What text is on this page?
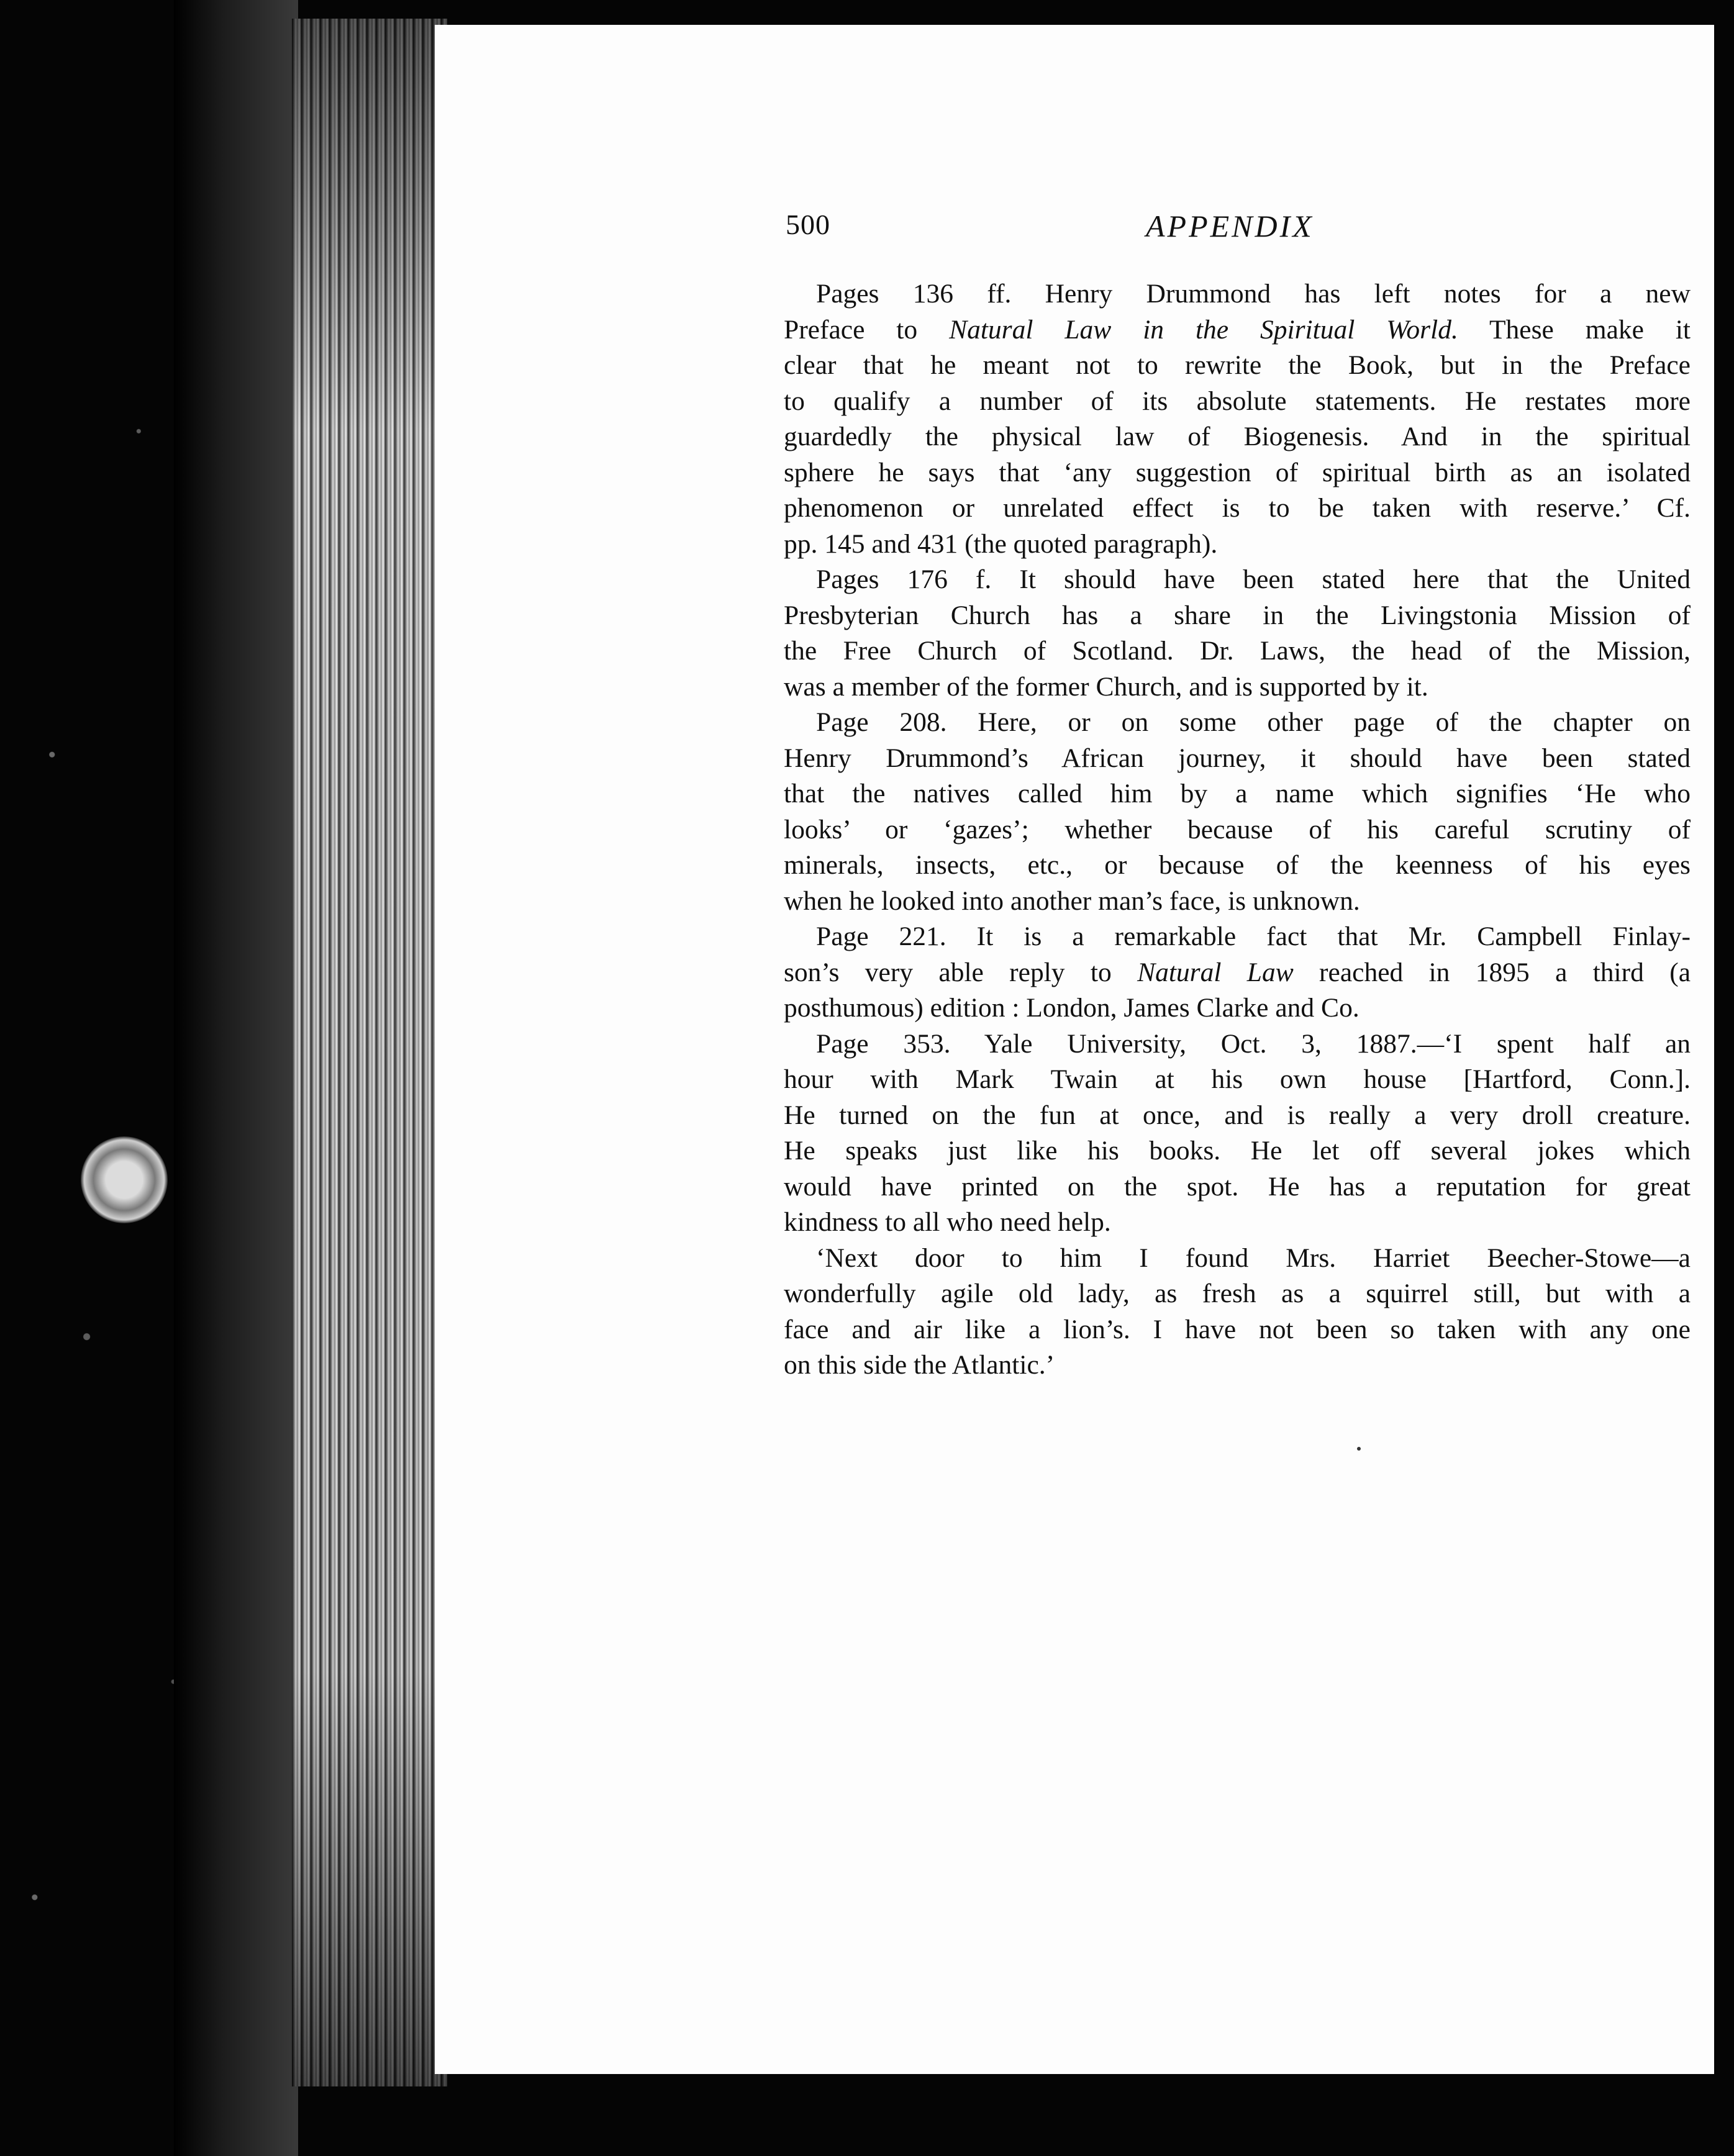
500	APPENDIX
Pages 136 ff. Henry Drummond has left notes for a new
Preface to Natural Law in the Spiritual World. These make it
clear that he meant not to rewrite the Book, but in the Preface
to qualify a number of its absolute statements. He restates more
guardedly the physical law of Biogenesis. And in the spiritual
sphere he says that ‘any suggestion of spiritual birth as an isolated
phenomenon or unrelated effect is to be taken with reserve.’ Cf.
pp. 145 and 431 (the quoted paragraph).
Pages 176 f. It should have been stated here that the United
Presbyterian Church has a share in the Livingstonia Mission of
the Free Church of Scotland. Dr. Laws, the head of the Mission,
was a member of the former Church, and is supported by it.
Page 208. Here, or on some other page of the chapter on
Henry Drummond’s African journey, it should have been stated
that the natives called him by a name which signifies ‘He who
looks’ or ‘gazes’; whether because of his careful scrutiny of
minerals, insects, etc., or because of the keenness of his eyes
when he looked into another man’s face, is unknown.
Page 221. It is a remarkable fact that Mr. Campbell Finlay-
son’s very able reply to Natural Law reached in 1895 a third (a
posthumous) edition : London, James Clarke and Co.
Page 353. Yale University, Oct. 3, 1887.—‘I spent half an
hour with Mark Twain at his own house [Hartford, Conn.].
He turned on the fun at once, and is really a very droll creature.
He speaks just like his books. He let off several jokes which
would have printed on the spot. He has a reputation for great
kindness to all who need help.
‘Next door to him I found Mrs. Harriet Beecher-Stowe—a
wonderfully agile old lady, as fresh as a squirrel still, but with a
face and air like a lion’s. I have not been so taken with any one
on this side the Atlantic.’
